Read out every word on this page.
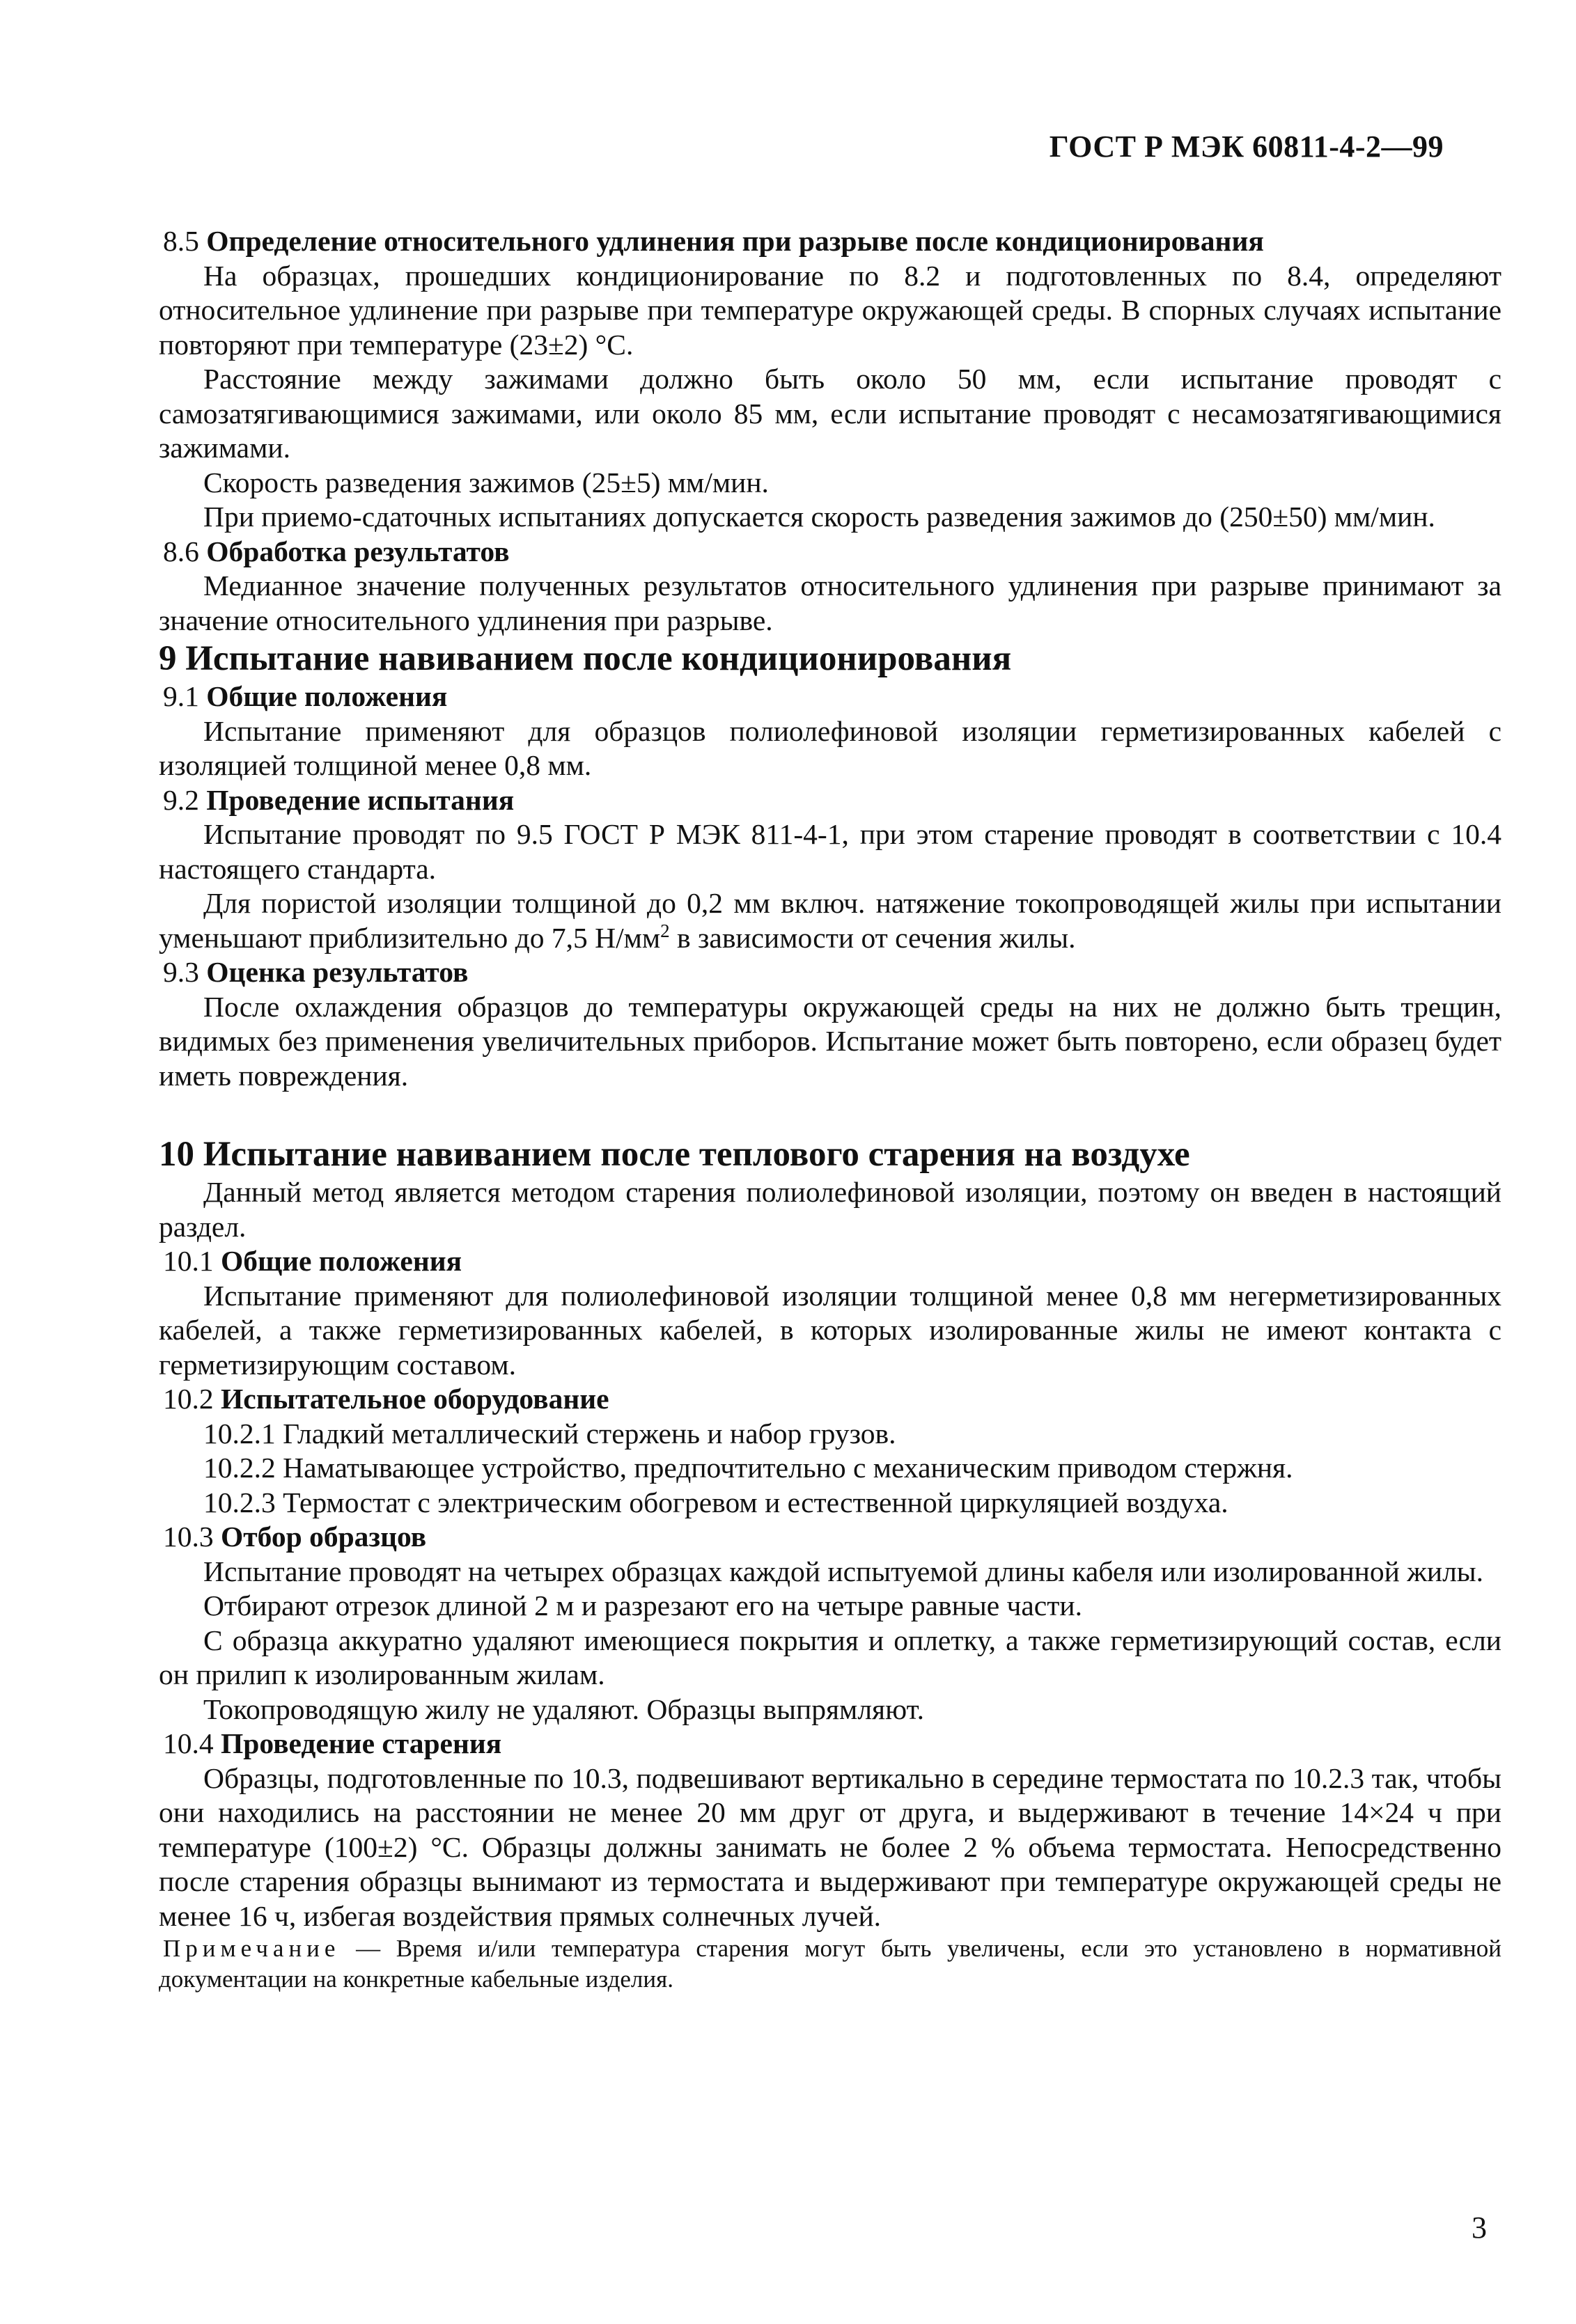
ГОСТ Р МЭК 60811-4-2—99

8.5 Определение относительного удлинения при разрыве после кондиционирования

На образцах, прошедших кондиционирование по 8.2 и подготовленных по 8.4, определяют относительное удлинение при разрыве при температуре окружающей среды. В спорных случаях испытание повторяют при температуре (23±2) °С.

Расстояние между зажимами должно быть около 50 мм, если испытание проводят с самозатягивающимися зажимами, или около 85 мм, если испытание проводят с несамозатягивающимися зажимами.

Скорость разведения зажимов (25±5) мм/мин.

При приемо-сдаточных испытаниях допускается скорость разведения зажимов до (250±50) мм/мин.

8.6 Обработка результатов

Медианное значение полученных результатов относительного удлинения при разрыве принимают за значение относительного удлинения при разрыве.

9 Испытание навиванием после кондиционирования

9.1 Общие положения

Испытание применяют для образцов полиолефиновой изоляции герметизированных кабелей с изоляцией толщиной менее 0,8 мм.

9.2 Проведение испытания

Испытание проводят по 9.5 ГОСТ Р МЭК 811-4-1, при этом старение проводят в соответствии с 10.4 настоящего стандарта.

Для пористой изоляции толщиной до 0,2 мм включ. натяжение токопроводящей жилы при испытании уменьшают приблизительно до 7,5 $Н/мм^2$ в зависимости от сечения жилы.

9.3 Оценка результатов

После охлаждения образцов до температуры окружающей среды на них не должно быть трещин, видимых без применения увеличительных приборов. Испытание может быть повторено, если образец будет иметь повреждения.

10 Испытание навиванием после теплового старения на воздухе

Данный метод является методом старения полиолефиновой изоляции, поэтому он введен в настоящий раздел.

10.1 Общие положения

Испытание применяют для полиолефиновой изоляции толщиной менее 0,8 мм негерметизированных кабелей, а также герметизированных кабелей, в которых изолированные жилы не имеют контакта с герметизирующим составом.

10.2 Испытательное оборудование

10.2.1 Гладкий металлический стержень и набор грузов.

10.2.2 Наматывающее устройство, предпочтительно с механическим приводом стержня.

10.2.3 Термостат с электрическим обогревом и естественной циркуляцией воздуха.

10.3 Отбор образцов

Испытание проводят на четырех образцах каждой испытуемой длины кабеля или изолированной жилы.

Отбирают отрезок длиной 2 м и разрезают его на четыре равные части.

С образца аккуратно удаляют имеющиеся покрытия и оплетку, а также герметизирующий состав, если он прилип к изолированным жилам.

Токопроводящую жилу не удаляют. Образцы выпрямляют.

10.4 Проведение старения

Образцы, подготовленные по 10.3, подвешивают вертикально в середине термостата по 10.2.3 так, чтобы они находились на расстоянии не менее 20 мм друг от друга, и выдерживают в течение 14×24 ч при температуре (100±2) °С. Образцы должны занимать не более 2 % объема термостата. Непосредственно после старения образцы вынимают из термостата и выдерживают при температуре окружающей среды не менее 16 ч, избегая воздействия прямых солнечных лучей.

Примечание — Время и/или температура старения могут быть увеличены, если это установлено в нормативной документации на конкретные кабельные изделия.

3
